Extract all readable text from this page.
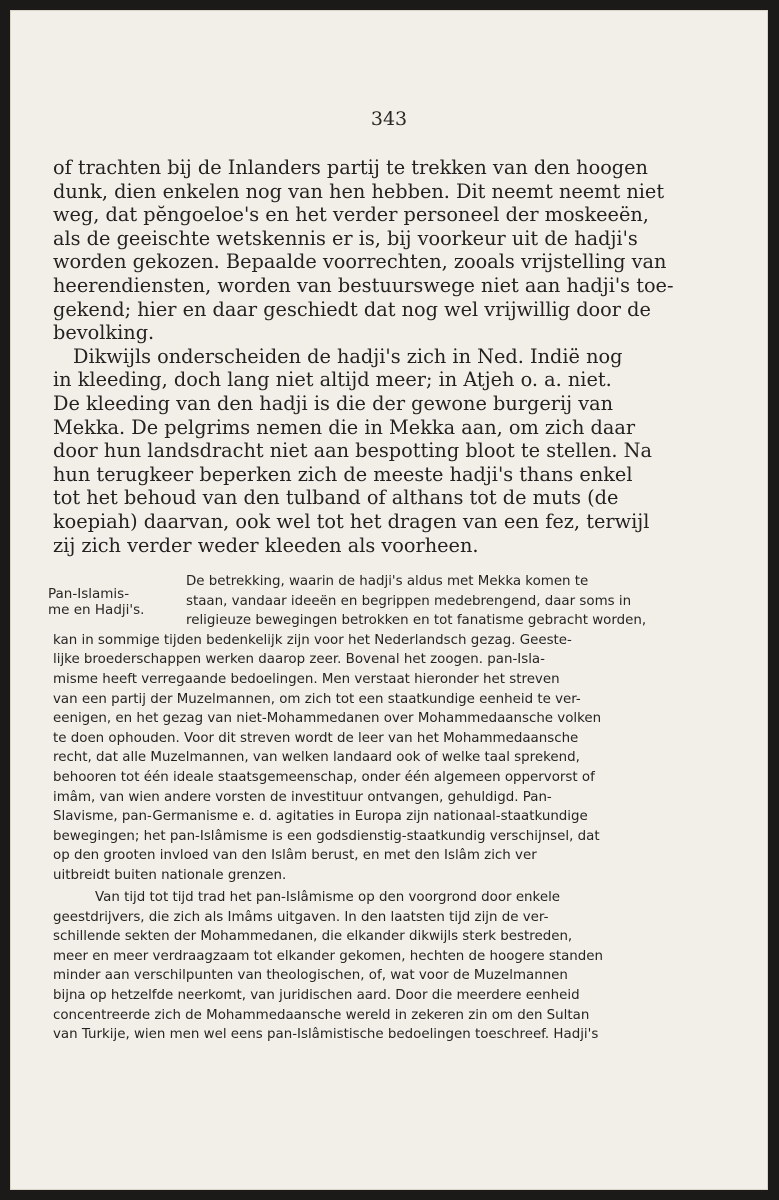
343
of trachten bij de Inlanders partij te trekken van den hoogen
dunk, dien enkelen nog van hen hebben. Dit neemt neemt niet
weg, dat pĕngoeloe's en het verder personeel der moskeeën,
als de geeischte wetskennis er is, bij voorkeur uit de hadji's
worden gekozen. Bepaalde voorrechten, zooals vrijstelling van
heerendiensten, worden van bestuurswege niet aan hadji's toe-
gekend; hier en daar geschiedt dat nog wel vrijwillig door de
bevolking.
Dikwijls onderscheiden de hadji's zich in Ned. Indië nog
in kleeding, doch lang niet altijd meer; in Atjeh o. a. niet.
De kleeding van den hadji is die der gewone burgerij van
Mekka. De pelgrims nemen die in Mekka aan, om zich daar
door hun landsdracht niet aan bespotting bloot te stellen. Na
hun terugkeer beperken zich de meeste hadji's thans enkel
tot het behoud van den tulband of althans tot de muts (de
koepiah) daarvan, ook wel tot het dragen van een fez, terwijl
zij zich verder weder kleeden als voorheen.
Pan-Islamis-
me en Hadji's.
De betrekking, waarin de hadji's aldus met Mekka komen te
staan, vandaar ideeën en begrippen medebrengend, daar soms in
religieuze bewegingen betrokken en tot fanatisme gebracht worden,
kan in sommige tijden bedenkelijk zijn voor het Nederlandsch gezag. Geeste-
lijke broederschappen werken daarop zeer. Bovenal het zoogen. pan-Isla-
misme heeft verregaande bedoelingen. Men verstaat hieronder het streven
van een partij der Muzelmannen, om zich tot een staatkundige eenheid te ver-
eenigen, en het gezag van niet-Mohammedanen over Mohammedaansche volken
te doen ophouden. Voor dit streven wordt de leer van het Mohammedaansche
recht, dat alle Muzelmannen, van welken landaard ook of welke taal sprekend,
behooren tot één ideale staatsgemeenschap, onder één algemeen oppervorst of
imâm, van wien andere vorsten de investituur ontvangen, gehuldigd. Pan-
Slavisme, pan-Germanisme e. d. agitaties in Europa zijn nationaal-staatkundige
bewegingen; het pan-Islâmisme is een godsdienstig-staatkundig verschijnsel, dat
op den grooten invloed van den Islâm berust, en met den Islâm zich ver
uitbreidt buiten nationale grenzen.
Van tijd tot tijd trad het pan-Islâmisme op den voorgrond door enkele
geestdrijvers, die zich als Imâms uitgaven. In den laatsten tijd zijn de ver-
schillende sekten der Mohammedanen, die elkander dikwijls sterk bestreden,
meer en meer verdraagzaam tot elkander gekomen, hechten de hoogere standen
minder aan verschilpunten van theologischen, of, wat voor de Muzelmannen
bijna op hetzelfde neerkomt, van juridischen aard. Door die meerdere eenheid
concentreerde zich de Mohammedaansche wereld in zekeren zin om den Sultan
van Turkije, wien men wel eens pan-Islâmistische bedoelingen toeschreef. Hadji's
